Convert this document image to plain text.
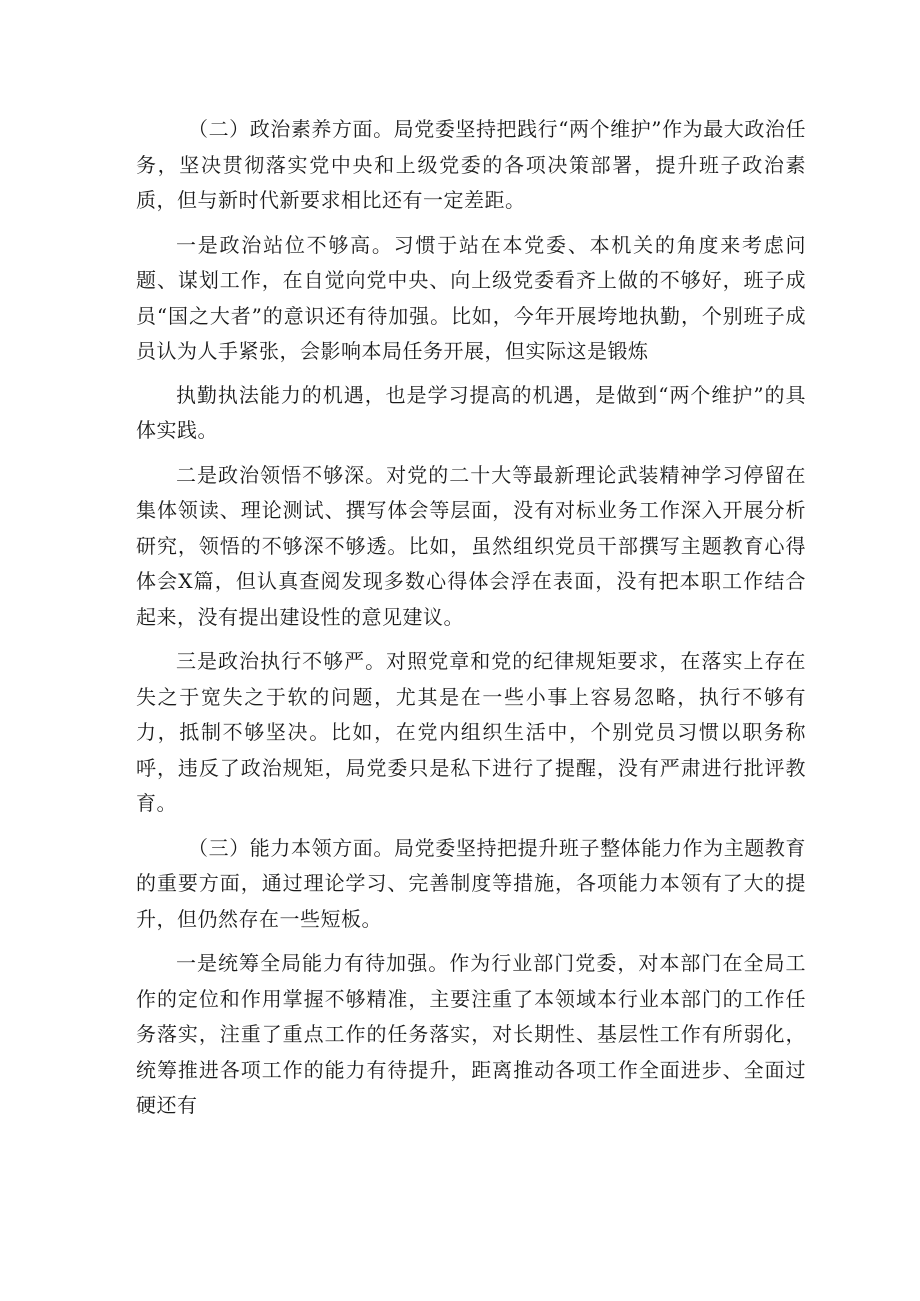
（二）政治素养方面。局党委坚持把践行“两个维护”作为最大政治任务，坚决贯彻落实党中央和上级党委的各项决策部署，提升班子政治素质，但与新时代新要求相比还有一定差距。

一是政治站位不够高。习惯于站在本党委、本机关的角度来考虑问题、谋划工作，在自觉向党中央、向上级党委看齐上做的不够好，班子成员“国之大者”的意识还有待加强。比如，今年开展垮地执勤，个别班子成员认为人手紧张，会影响本局任务开展，但实际这是锻炼

执勤执法能力的机遇，也是学习提高的机遇，是做到“两个维护”的具体实践。

二是政治领悟不够深。对党的二十大等最新理论武装精神学习停留在集体领读、理论测试、撰写体会等层面，没有对标业务工作深入开展分析研究，领悟的不够深不够透。比如，虽然组织党员干部撰写主题教育心得体会X篇，但认真查阅发现多数心得体会浮在表面，没有把本职工作结合起来，没有提出建设性的意见建议。

三是政治执行不够严。对照党章和党的纪律规矩要求，在落实上存在失之于宽失之于软的问题，尤其是在一些小事上容易忽略，执行不够有力，抵制不够坚决。比如，在党内组织生活中，个别党员习惯以职务称呼，违反了政治规矩，局党委只是私下进行了提醒，没有严肃进行批评教育。

（三）能力本领方面。局党委坚持把提升班子整体能力作为主题教育的重要方面，通过理论学习、完善制度等措施，各项能力本领有了大的提升，但仍然存在一些短板。

一是统筹全局能力有待加强。作为行业部门党委，对本部门在全局工作的定位和作用掌握不够精准，主要注重了本领域本行业本部门的工作任务落实，注重了重点工作的任务落实，对长期性、基层性工作有所弱化，统筹推进各项工作的能力有待提升，距离推动各项工作全面进步、全面过硬还有
